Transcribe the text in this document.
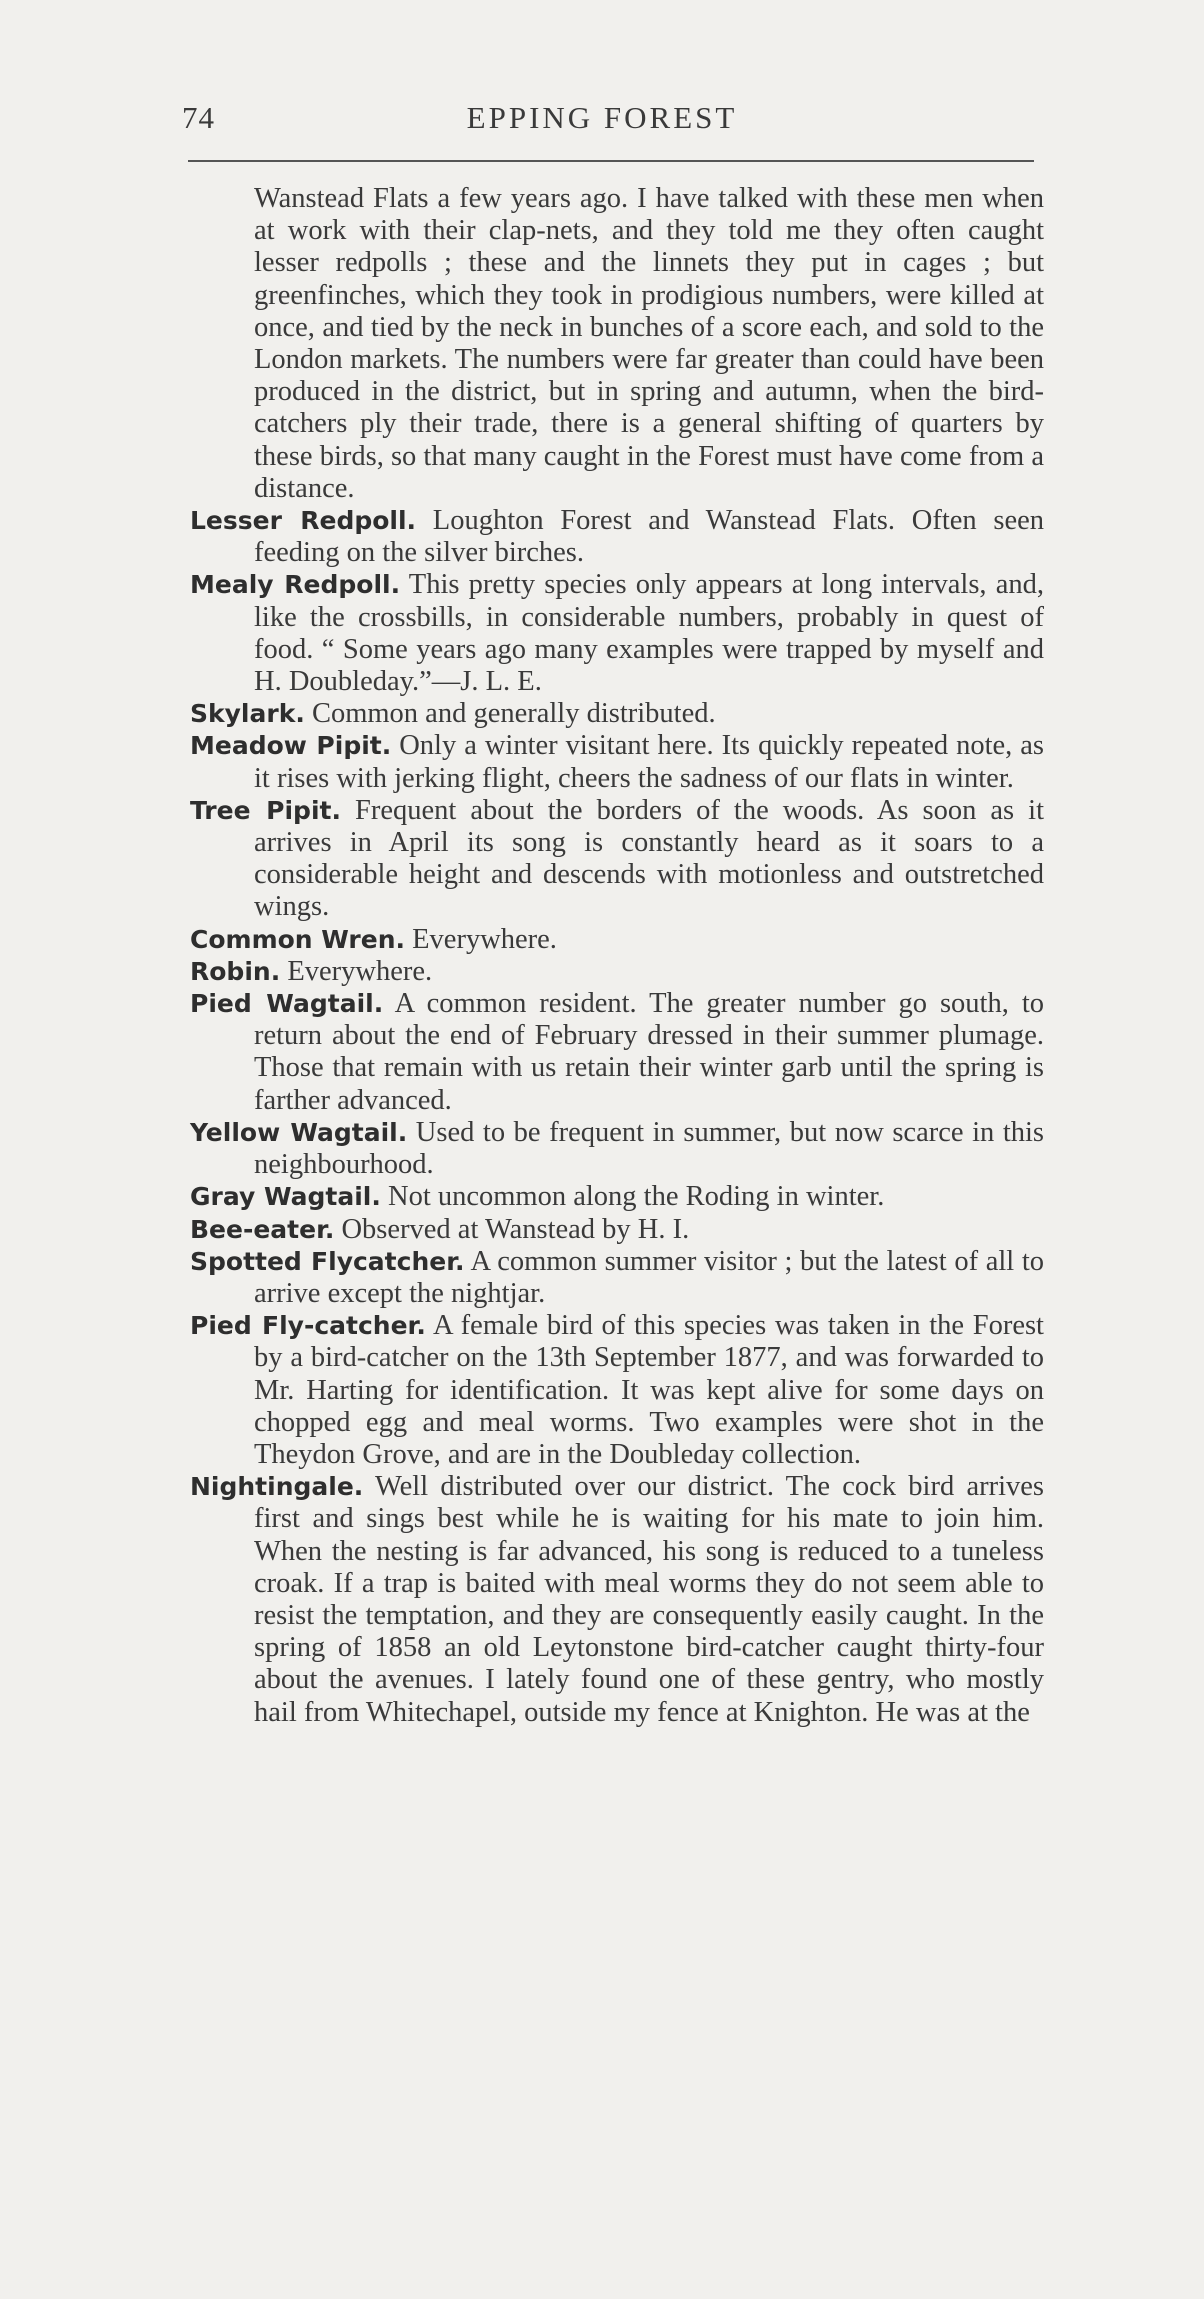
74	EPPING FOREST

Wanstead Flats a few years ago. I have talked with these men when at work with their clap-nets, and they told me they often caught lesser redpolls ; these and the linnets they put in cages ; but greenfinches, which they took in prodigious numbers, were killed at once, and tied by the neck in bunches of a score each, and sold to the London markets. The numbers were far greater than could have been produced in the district, but in spring and autumn, when the bird-catchers ply their trade, there is a general shifting of quarters by these birds, so that many caught in the Forest must have come from a distance.

Lesser Redpoll. Loughton Forest and Wanstead Flats. Often seen feeding on the silver birches.

Mealy Redpoll. This pretty species only appears at long intervals, and, like the crossbills, in considerable numbers, probably in quest of food. “ Some years ago many examples were trapped by myself and H. Doubleday.”—J. L. E.

Skylark. Common and generally distributed.

Meadow Pipit. Only a winter visitant here. Its quickly repeated note, as it rises with jerking flight, cheers the sadness of our flats in winter.

Tree Pipit. Frequent about the borders of the woods. As soon as it arrives in April its song is constantly heard as it soars to a considerable height and descends with motionless and outstretched wings.

Common Wren. Everywhere.

Robin. Everywhere.

Pied Wagtail. A common resident. The greater number go south, to return about the end of February dressed in their summer plumage. Those that remain with us retain their winter garb until the spring is farther advanced.

Yellow Wagtail. Used to be frequent in summer, but now scarce in this neighbourhood.

Gray Wagtail. Not uncommon along the Roding in winter.

Bee-eater. Observed at Wanstead by H. I.

Spotted Flycatcher. A common summer visitor ; but the latest of all to arrive except the nightjar.

Pied Fly-catcher. A female bird of this species was taken in the Forest by a bird-catcher on the 13th September 1877, and was forwarded to Mr. Harting for identification. It was kept alive for some days on chopped egg and meal worms. Two examples were shot in the Theydon Grove, and are in the Doubleday collection.

Nightingale. Well distributed over our district. The cock bird arrives first and sings best while he is waiting for his mate to join him. When the nesting is far advanced, his song is reduced to a tuneless croak. If a trap is baited with meal worms they do not seem able to resist the temptation, and they are consequently easily caught. In the spring of 1858 an old Leytonstone bird-catcher caught thirty-four about the avenues. I lately found one of these gentry, who mostly hail from Whitechapel, outside my fence at Knighton. He was at the
